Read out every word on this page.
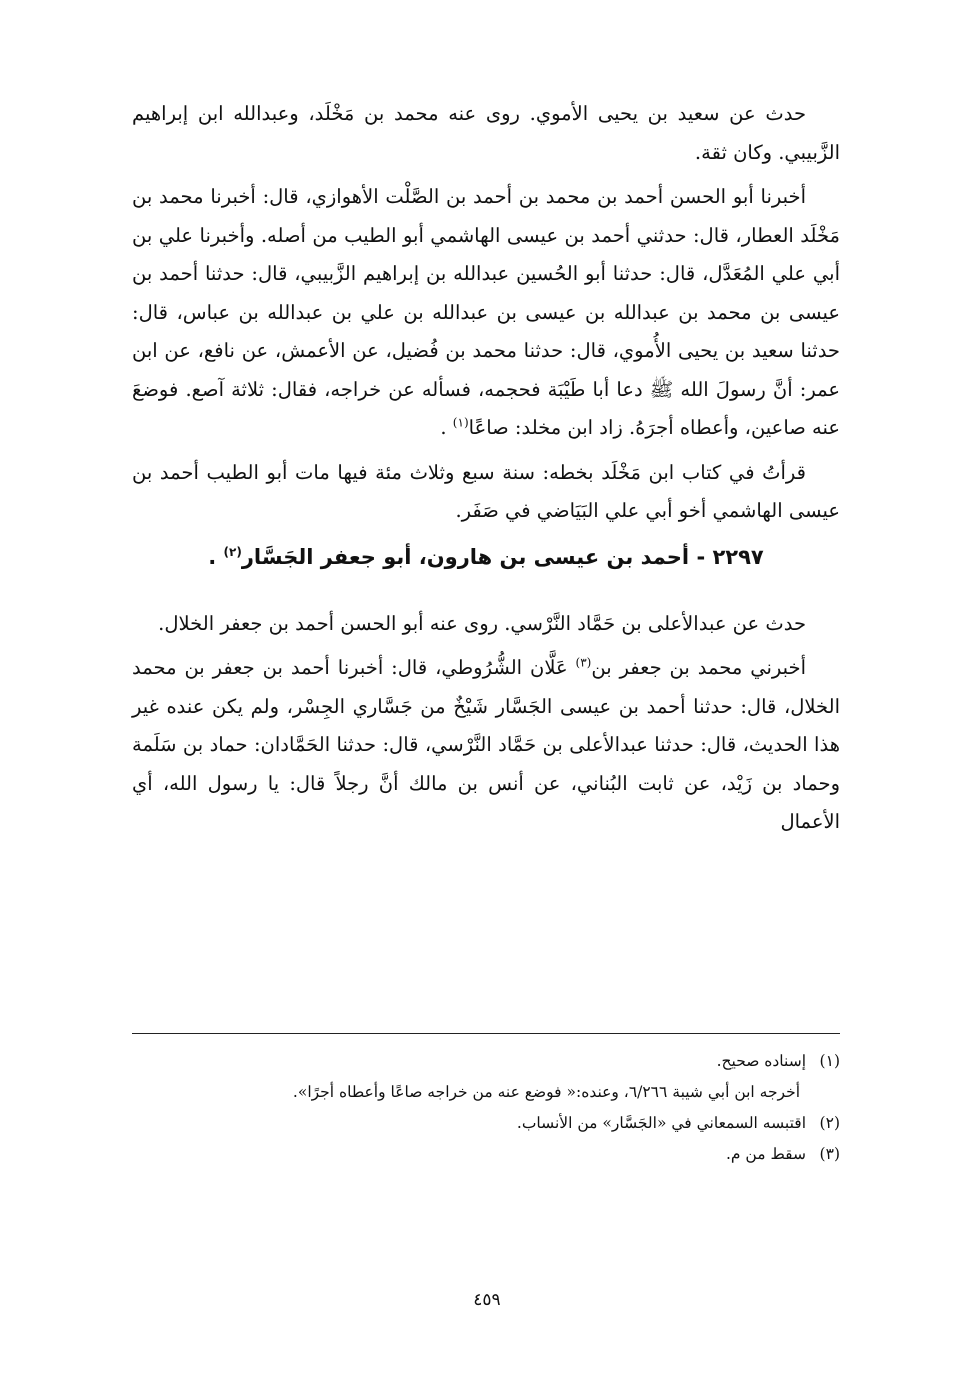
حدث عن سعيد بن يحيى الأموي. روى عنه محمد بن مَخْلَد، وعبدالله ابن إبراهيم الزَّبيبي. وكان ثقة.

أخبرنا أبو الحسن أحمد بن محمد بن أحمد بن الصَّلْت الأهوازي، قال: أخبرنا محمد بن مَخْلَد العطار، قال: حدثني أحمد بن عيسى الهاشمي أبو الطيب من أصله. وأخبرنا علي بن أبي علي المُعَدَّل، قال: حدثنا أبو الحُسين عبدالله بن إبراهيم الزَّبيبي، قال: حدثنا أحمد بن عيسى بن محمد بن عبدالله بن عيسى بن عبدالله بن علي بن عبدالله بن عباس، قال: حدثنا سعيد بن يحيى الأُموي، قال: حدثنا محمد بن فُضيل، عن الأعمش، عن نافع، عن ابن عمر: أنَّ رسولَ الله ﷺ دعا أبا طَيْبَة فحجمه، فسأله عن خراجه، فقال: ثلاثة آصع. فوضعَ عنه صاعين، وأعطاه أجرَهُ. زاد ابن مخلد: صاعًا$^{(١)}$ .

قرأتُ في كتاب ابن مَخْلَد بخطه: سنة سبع وثلاث مئة فيها مات أبو الطيب أحمد بن عيسى الهاشمي أخو أبي علي البَيَاضي في صَفَر.

٢٢٩٧ - أحمد بن عيسى بن هارون، أبو جعفر الجَسَّار$^{(٢)}$ .

حدث عن عبدالأعلى بن حَمَّاد النَّرْسي. روى عنه أبو الحسن أحمد بن جعفر الخلال.

أخبرني محمد بن جعفر بن$^{(٣)}$ عَلَّان الشُّرُوطي، قال: أخبرنا أحمد بن جعفر بن محمد الخلال، قال: حدثنا أحمد بن عيسى الجَسَّار شَيْخٌ من جَسَّاري الجِسْر، ولم يكن عنده غير هذا الحديث، قال: حدثنا عبدالأعلى بن حَمَّاد النَّرْسي، قال: حدثنا الحَمَّادان: حماد بن سَلَمة وحماد بن زَيْد، عن ثابت البُناني، عن أنس بن مالك أنَّ رجلاً قال: يا رسول الله، أي الأعمال

(١)إسناده صحيح.

أخرجه ابن أبي شيبة ٦/٢٦٦، وعنده:« فوضع عنه من خراجه صاعًا وأعطاه أجرًا».

(٢)اقتبسه السمعاني في «الجَسَّار» من الأنساب.

(٣)سقط من م.

٤٥٩
